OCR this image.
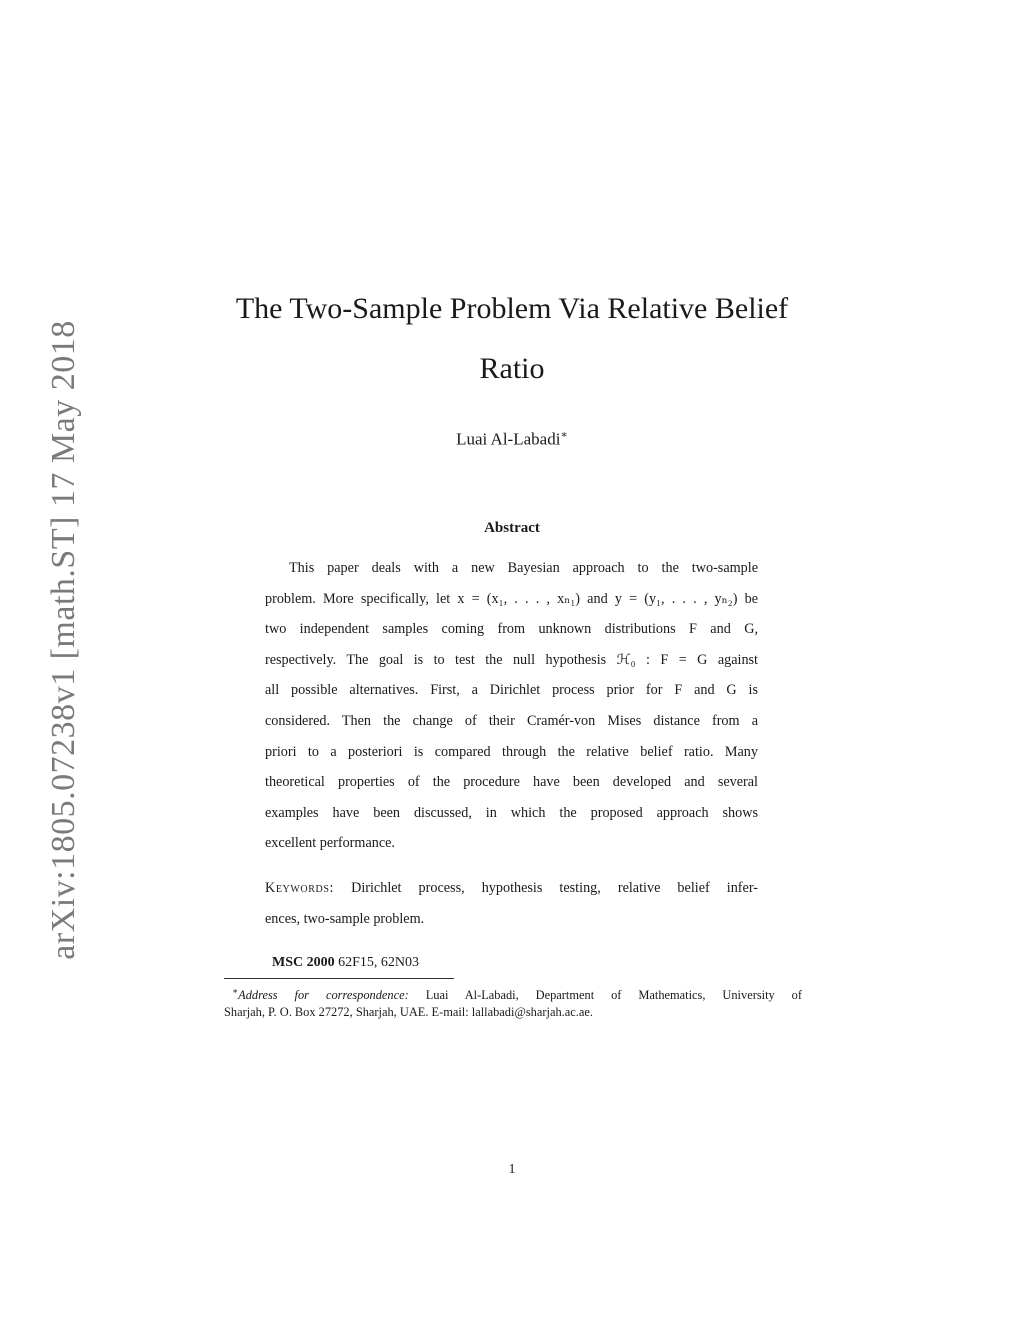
arXiv:1805.07238v1 [math.ST] 17 May 2018
The Two-Sample Problem Via Relative Belief
Ratio
Luai Al-Labadi∗
Abstract
This paper deals with a new Bayesian approach to the two-sample
problem. More specifically, let x = (x₁, . . . , xₙ₁) and y = (y₁, . . . , yₙ₂) be
two independent samples coming from unknown distributions F and G,
respectively. The goal is to test the null hypothesis ℋ₀ : F = G against
all possible alternatives. First, a Dirichlet process prior for F and G is
considered. Then the change of their Cramér-von Mises distance from a
priori to a posteriori is compared through the relative belief ratio. Many
theoretical properties of the procedure have been developed and several
examples have been discussed, in which the proposed approach shows
excellent performance.
Keywords: Dirichlet process, hypothesis testing, relative belief infer-
ences, two-sample problem.
MSC 2000 62F15, 62N03
∗Address for correspondence: Luai Al-Labadi, Department of Mathematics, University of
Sharjah, P. O. Box 27272, Sharjah, UAE. E-mail: lallabadi@sharjah.ac.ae.
1
